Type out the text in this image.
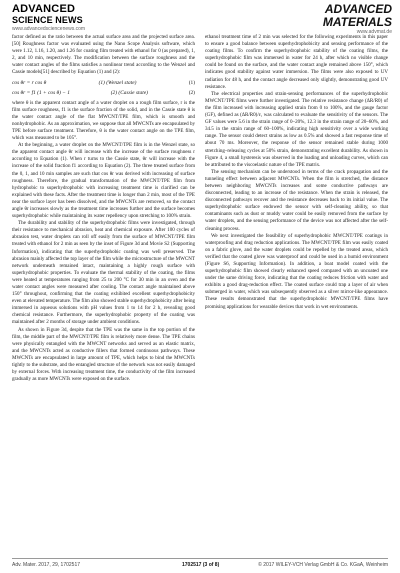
ADVANCED
SCIENCE NEWS
www.advancedsciencenews.com
ADVANCED
MATERIALS
www.advmat.de

factor defined as the ratio between the actual surface area and the projected surface area.[50] Roughness factor was evaluated using the Nano Scope Analysis software, which were 1.12, 1.16, 1.20, and 1.26 for coating film treated with ethanol for 0 (as prepared), 1, 2, and 10 min, respectively. The modification between the surface roughness and the water contact angles of the films satisfies a nonlinear trend according to the Wenzel and Cassie models[51] described by Equation (1) and (2):

cos θr = r cos θ	(1) (Wenzel state)	(1)
cos θr = f1 (1 + cos θ) − 1	(2) (Cassie state)	(2)

where θ is the apparent contact angle of a water droplet on a rough film surface, r is the film surface roughness, f1 is the surface fraction of the solid, and in the Cassie state θ is the water contact angle of the flat MWCNT/TPE film, which is smooth and nonhydrophobic. As an approximation, we suppose that all MWCNTs are encapsulated by TPE before surface treatment. Therefore, θ is the water contact angle on the TPE film, which was measured to be 105°.

At the beginning, a water droplet on the MWCNT/TPE film is in the Wenzel state, so the apparent contact angle θr will increase with the increase of the surface roughness r according to Equation (1). When r turns to the Cassie state, θr will increase with the increase of the solid fraction f1 according to Equation (2). The three treated surface from the 0, 1, and 10 min samples are such that cos θr was derived with increasing of surface roughness. Therefore, the gradual transformation of the MWCNT/TPE film from hydrophobic to superhydrophobic with increasing treatment time is clarified can be explained with these facts. After the treatment time is longer than 2 min, most of the TPE near the surface layer has been dissolved, and the MWCNTs are removed, so the contact angle θr increases slowly as the treatment time increases further and the surface becomes superhydrophobic while maintaining its water repellency upon stretching to 100% strain.

The durability and stability of the superhydrophobic films were investigated, through their resistance to mechanical abrasion, heat and chemical exposure. After 100 cycles of abrasion test, water droplets can roll off easily from the surface of MWCNT/TPE film treated with ethanol for 2 min as seen by the inset of Figure 3d and Movie S2 (Supporting Information), indicating that the superhydrophobic coating was well preserved. The abrasion mainly affected the top layer of the film while the microstructure of the MWCNT network underneath remained intact, maintaining a highly rough surface with superhydrophobic properties. To evaluate the thermal stability of the coating, the films were heated at temperatures ranging from 25 to 200 °C for 30 min in an oven and the water contact angles were measured after cooling. The contact angle maintained above 150° throughout, confirming that the coating exhibited excellent superhydrophobicity even at elevated temperature. The film also showed stable superhydrophobicity after being immersed in aqueous solutions with pH values from 1 to 14 for 2 h, revealing good chemical resistance. Furthermore, the superhydrophobic property of the coating was maintained after 2 months of storage under ambient conditions.

As shown in Figure 3d, despite that the TPE was the same in the top portion of the film, the middle part of the MWCNT/TPE film is relatively more dense. The TPE chains were physically entangled with the MWCNT networks and served as an elastic matrix, and the MWCNTs acted as conductive fillers that formed continuous pathways. These MWCNTs are encapsulated in large amount of TPE, which helps to bind the MWCNTs tightly to the substrate, and the entangled structure of the network was not easily damaged by external forces. With increasing treatment time, the conductivity of the film increased gradually as more MWCNTs were exposed on the surface.

ethanol treatment time of 2 min was selected for the following experiments in this paper to ensure a good balance between superhydrophobicity and sensing performance of the coating films. To confirm the superhydrophobic stability of the coating films, the superhydrophobic film was immersed in water for 24 h, after which no visible change could be found on the surface, and the water contact angle remained above 150°, which indicates good stability against water immersion. The films were also exposed to UV radiation for 48 h, and the contact angle decreased only slightly, demonstrating good UV resistance.

The electrical properties and strain-sensing performances of the superhydrophobic MWCNT/TPE films were further investigated. The relative resistance change (ΔR/R0) of the film increased with increasing applied strain from 0 to 100%, and the gauge factor (GF), defined as (ΔR/R0)/ε, was calculated to evaluate the sensitivity of the sensors. The GF values were 5.6 in the strain range of 0–20%, 12.3 in the strain range of 20–60%, and 34.5 in the strain range of 60–100%, indicating high sensitivity over a wide working range. The sensor could detect strains as low as 0.5% and showed a fast response time of about 70 ms. Moreover, the response of the sensor remained stable during 1000 stretching–releasing cycles at 50% strain, demonstrating excellent durability. As shown in Figure 4, a small hysteresis was observed in the loading and unloading curves, which can be attributed to the viscoelastic nature of the TPE matrix.

The sensing mechanism can be understood in terms of the crack propagation and the tunneling effect between adjacent MWCNTs. When the film is stretched, the distance between neighboring MWCNTs increases and some conductive pathways are disconnected, leading to an increase of the resistance. When the strain is released, the disconnected pathways recover and the resistance decreases back to its initial value. The superhydrophobic surface endowed the sensor with self-cleaning ability, so that contaminants such as dust or muddy water could be easily removed from the surface by water droplets, and the sensing performance of the device was not affected after the self-cleaning process.

We next investigated the feasibility of superhydrophobic MWCNT/TPE coatings in waterproofing and drag reduction applications. The MWCNT/TPE film was easily coated on a fabric glove, and the water droplets could be repelled by the treated areas, which verified that the coated glove was waterproof and could be used in a humid environment (Figure S6, Supporting Information). In addition, a boat model coated with the superhydrophobic film showed clearly enhanced speed compared with an uncoated one under the same driving force, indicating that the coating reduces friction with water and exhibits a good drag-reduction effect. The coated surface could trap a layer of air when submerged in water, which was subsequently observed as a silver mirror-like appearance. These results demonstrated that the superhydrophobic MWCNT/TPE films have promising applications for wearable devices that work in wet environments.

Adv. Mater. 2017, 29, 1702517	1702517 (3 of 8)	© 2017 WILEY-VCH Verlag GmbH & Co. KGaA, Weinheim
